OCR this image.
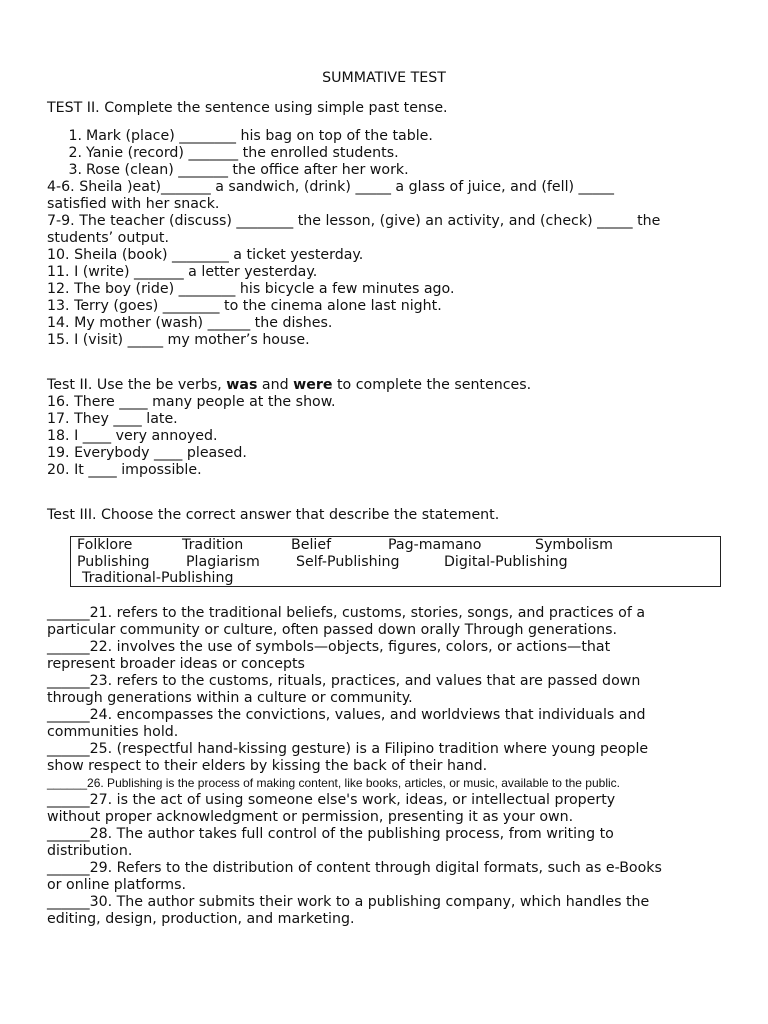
SUMMATIVE TEST
TEST II. Complete the sentence using simple past tense.
1. Mark (place) ________ his bag on top of the table.
2. Yanie (record) _______ the enrolled students.
3. Rose (clean) _______ the office after her work.
4-6. Sheila )eat)_______ a sandwich, (drink) _____ a glass of juice, and (fell) _____
satisfied with her snack.
7-9. The teacher (discuss) ________ the lesson, (give) an activity, and (check) _____ the
students’ output.
10. Sheila (book) ________ a ticket yesterday.
11. I (write) _______ a letter yesterday.
12. The boy (ride) ________ his bicycle a few minutes ago.
13. Terry (goes) ________ to the cinema alone last night.
14. My mother (wash) ______ the dishes.
15. I (visit) _____ my mother’s house.
Test II. Use the be verbs, was and were to complete the sentences.
16. There ____ many people at the show.
17. They ____ late.
18. I ____ very annoyed.
19. Everybody ____ pleased.
20. It ____ impossible.
Test III. Choose the correct answer that describe the statement.
Folklore	Tradition	Belief	Pag-mamano	Symbolism
Publishing	Plagiarism	Self-Publishing	Digital-Publishing
Traditional-Publishing
______21. refers to the traditional beliefs, customs, stories, songs, and practices of a
particular community or culture, often passed down orally Through generations.
______22. involves the use of symbols—objects, figures, colors, or actions—that
represent broader ideas or concepts
______23. refers to the customs, rituals, practices, and values that are passed down
through generations within a culture or community.
______24. encompasses the convictions, values, and worldviews that individuals and
communities hold.
______25. (respectful hand-kissing gesture) is a Filipino tradition where young people
show respect to their elders by kissing the back of their hand.
______26. Publishing is the process of making content, like books, articles, or music, available to the public.
______27. is the act of using someone else's work, ideas, or intellectual property
without proper acknowledgment or permission, presenting it as your own.
______28. The author takes full control of the publishing process, from writing to
distribution.
______29. Refers to the distribution of content through digital formats, such as e-Books
or online platforms.
______30. The author submits their work to a publishing company, which handles the
editing, design, production, and marketing.
